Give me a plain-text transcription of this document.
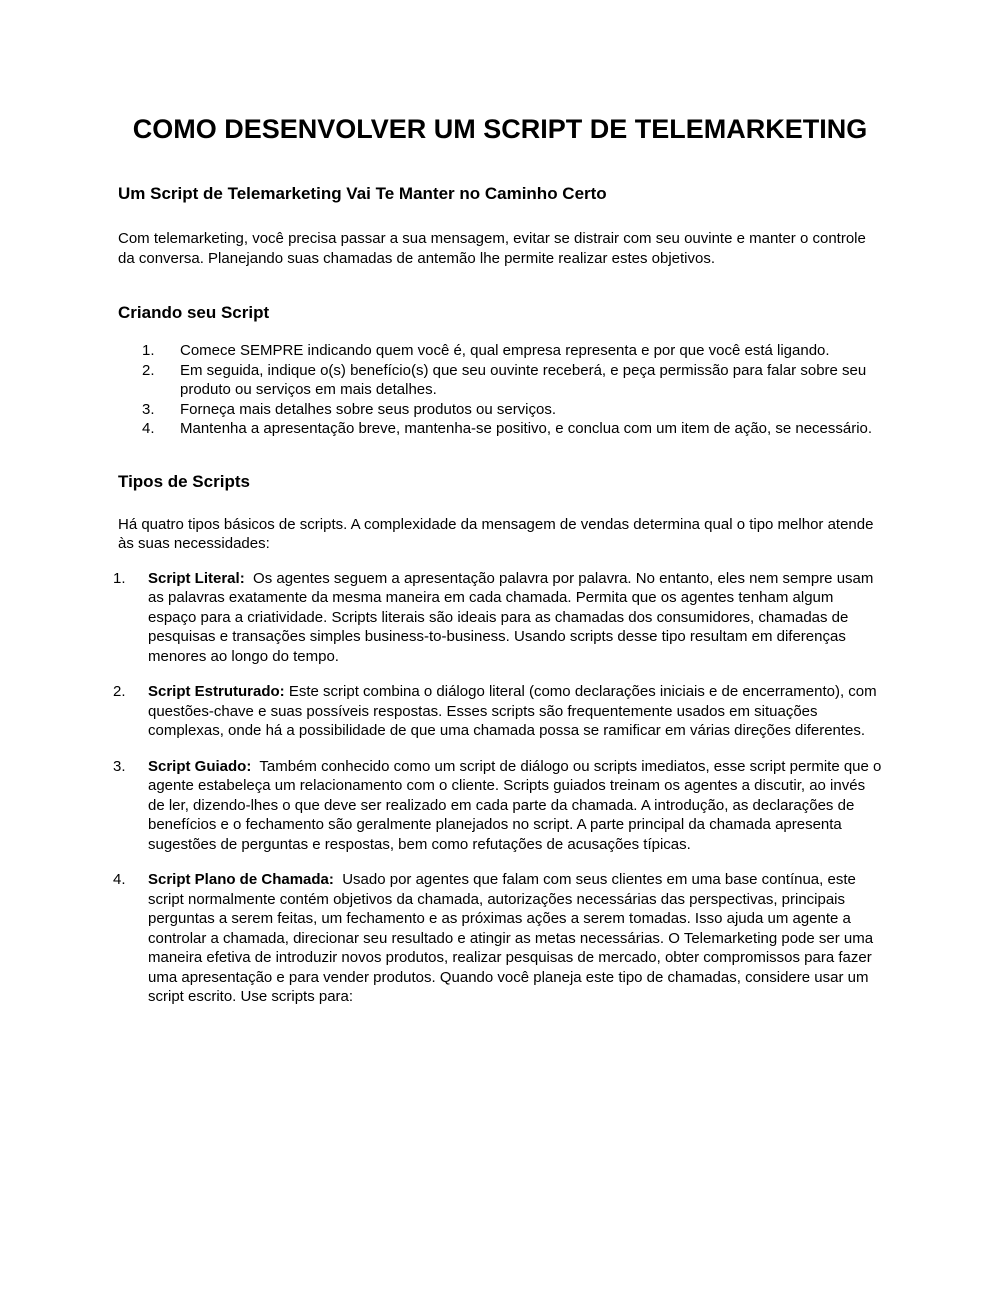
COMO DESENVOLVER UM SCRIPT DE TELEMARKETING
Um Script de Telemarketing Vai Te Manter no Caminho Certo

Com telemarketing, você precisa passar a sua mensagem, evitar se distrair com seu ouvinte e manter o controle da conversa. Planejando suas chamadas de antemão lhe permite realizar estes objetivos.

Criando seu Script
1.	Comece SEMPRE indicando quem você é, qual empresa representa e por que você está ligando.
2.	Em seguida, indique o(s) benefício(s) que seu ouvinte receberá, e peça permissão para falar sobre seu produto ou serviços em mais detalhes.
3.	Forneça mais detalhes sobre seus produtos ou serviços.
4.	Mantenha a apresentação breve, mantenha-se positivo, e conclua com um item de ação, se necessário.
Tipos de Scripts

Há quatro tipos básicos de scripts. A complexidade da mensagem de vendas determina qual o tipo melhor atende às suas necessidades:

1.	Script Literal:  Os agentes seguem a apresentação palavra por palavra. No entanto, eles nem sempre usam as palavras exatamente da mesma maneira em cada chamada. Permita que os agentes tenham algum espaço para a criatividade. Scripts literais são ideais para as chamadas dos consumidores, chamadas de pesquisas e transações simples business-to-business. Usando scripts desse tipo resultam em diferenças menores ao longo do tempo.
2.	Script Estruturado: Este script combina o diálogo literal (como declarações iniciais e de encerramento), com questões-chave e suas possíveis respostas. Esses scripts são frequentemente usados em situações complexas, onde há a possibilidade de que uma chamada possa se ramificar em várias direções diferentes.
3.	Script Guiado:  Também conhecido como um script de diálogo ou scripts imediatos, esse script permite que o agente estabeleça um relacionamento com o cliente. Scripts guiados treinam os agentes a discutir, ao invés de ler, dizendo-lhes o que deve ser realizado em cada parte da chamada. A introdução, as declarações de benefícios e o fechamento são geralmente planejados no script. A parte principal da chamada apresenta sugestões de perguntas e respostas, bem como refutações de acusações típicas.
4.	Script Plano de Chamada:  Usado por agentes que falam com seus clientes em uma base contínua, este script normalmente contém objetivos da chamada, autorizações necessárias das perspectivas, principais perguntas a serem feitas, um fechamento e as próximas ações a serem tomadas. Isso ajuda um agente a controlar a chamada, direcionar seu resultado e atingir as metas necessárias. O Telemarketing pode ser uma maneira efetiva de introduzir novos produtos, realizar pesquisas de mercado, obter compromissos para fazer uma apresentação e para vender produtos. Quando você planeja este tipo de chamadas, considere usar um script escrito. Use scripts para:
